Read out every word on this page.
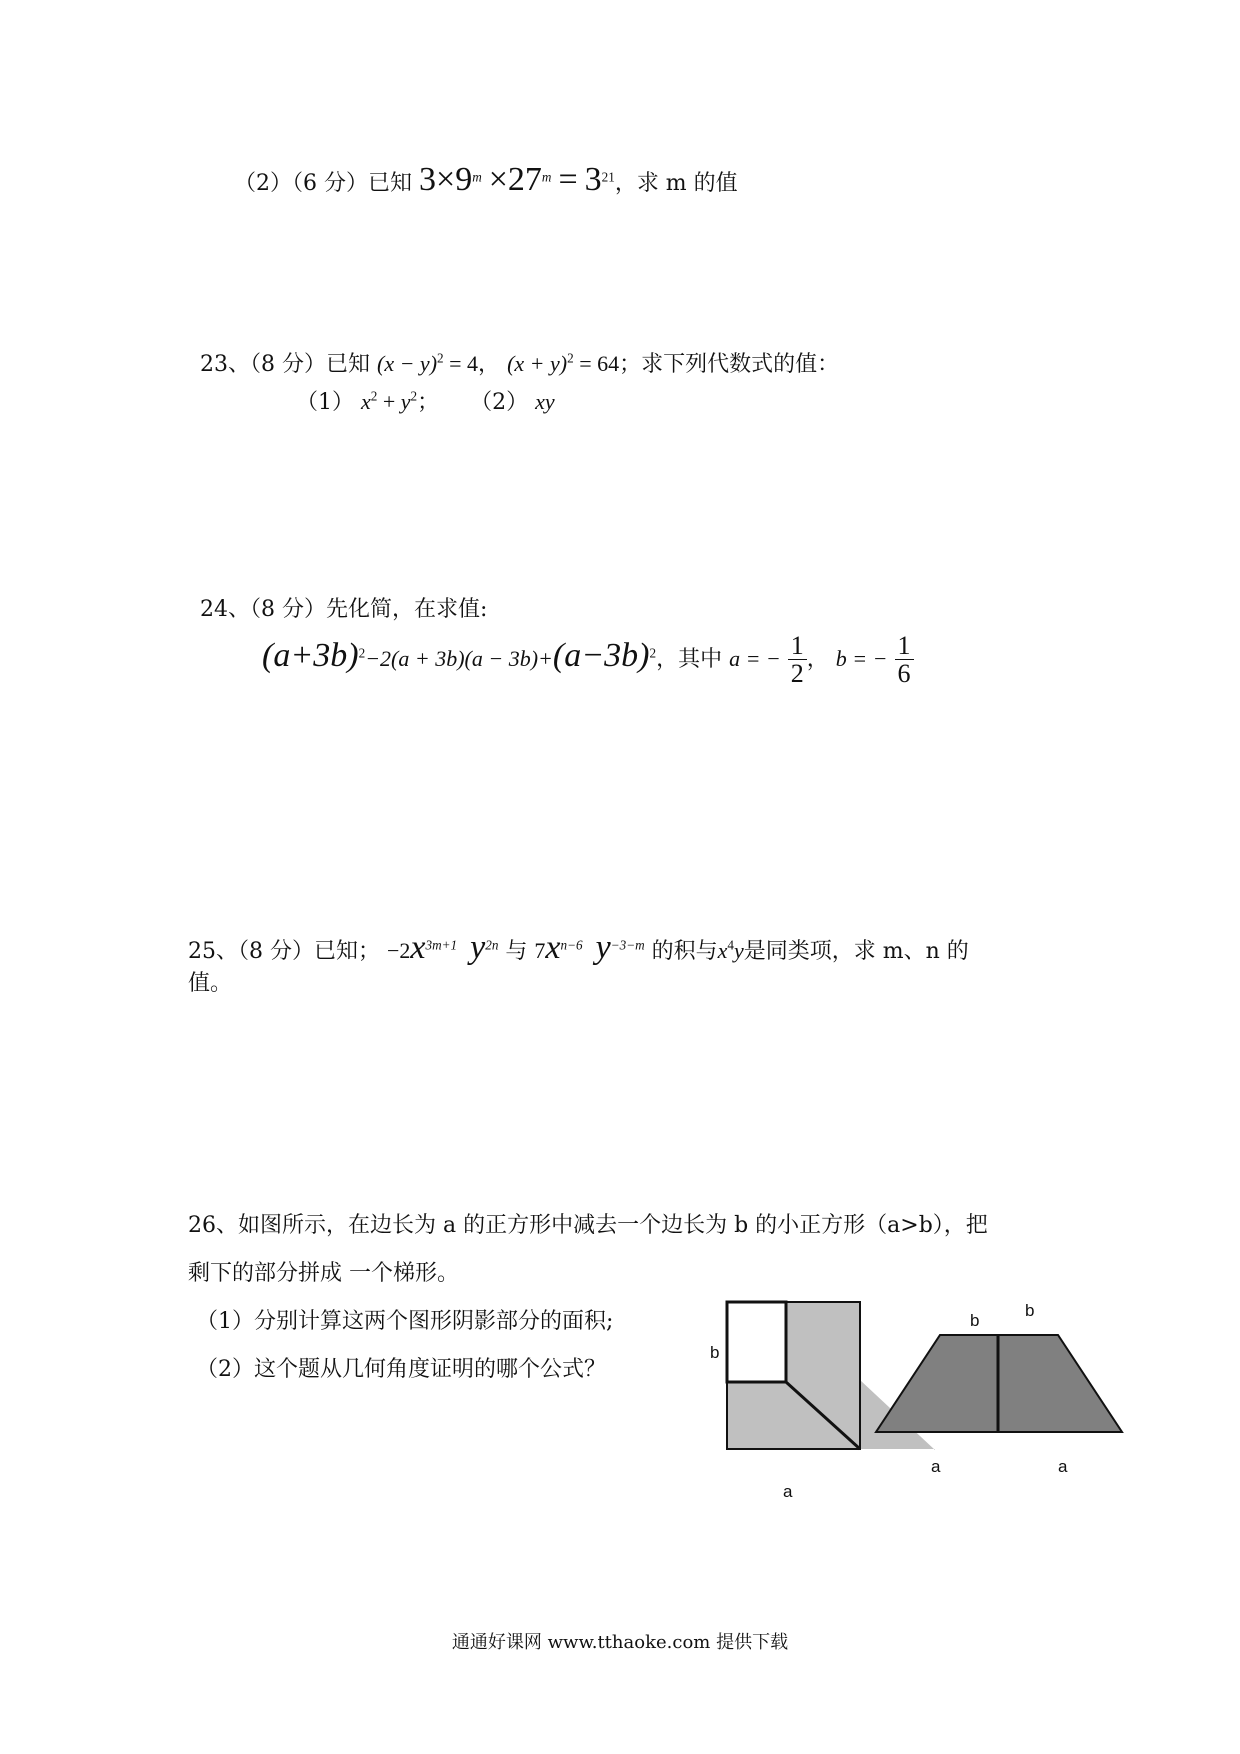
（2）（6 分）已知 $3\times 9^m \times 27^m = 3^{21}$，求 m 的值
23、（8 分）已知 $(x - y)^2 = 4$， $(x + y)^2 = 64$；求下列代数式的值：
（1） $x^2 + y^2$； （2） xy
24、（8 分）先化简，在求值:
$(a+3b)^2-2(a + 3b)(a - 3b)+(a-3b)^2$，其中 a = − $\frac{1}{2}$ ， b = − $\frac{1}{6}$
25、（8 分）已知； $-2x^{3m+1}$ $y^{2n}$ 与 $7x^{n-6}$ $y^{-3-m}$ 的积与$x^4y$是同类项，求 m、n 的
值。
26、如图所示，在边长为 a 的正方形中减去一个边长为 b 的小正方形（a>b），把
剩下的部分拼成 一个梯形。
（1）分别计算这两个图形阴影部分的面积;
（2）这个题从几何角度证明的哪个公式？
b
a
b
b
a	a
通通好课网 www.tthaoke.com 提供下载
